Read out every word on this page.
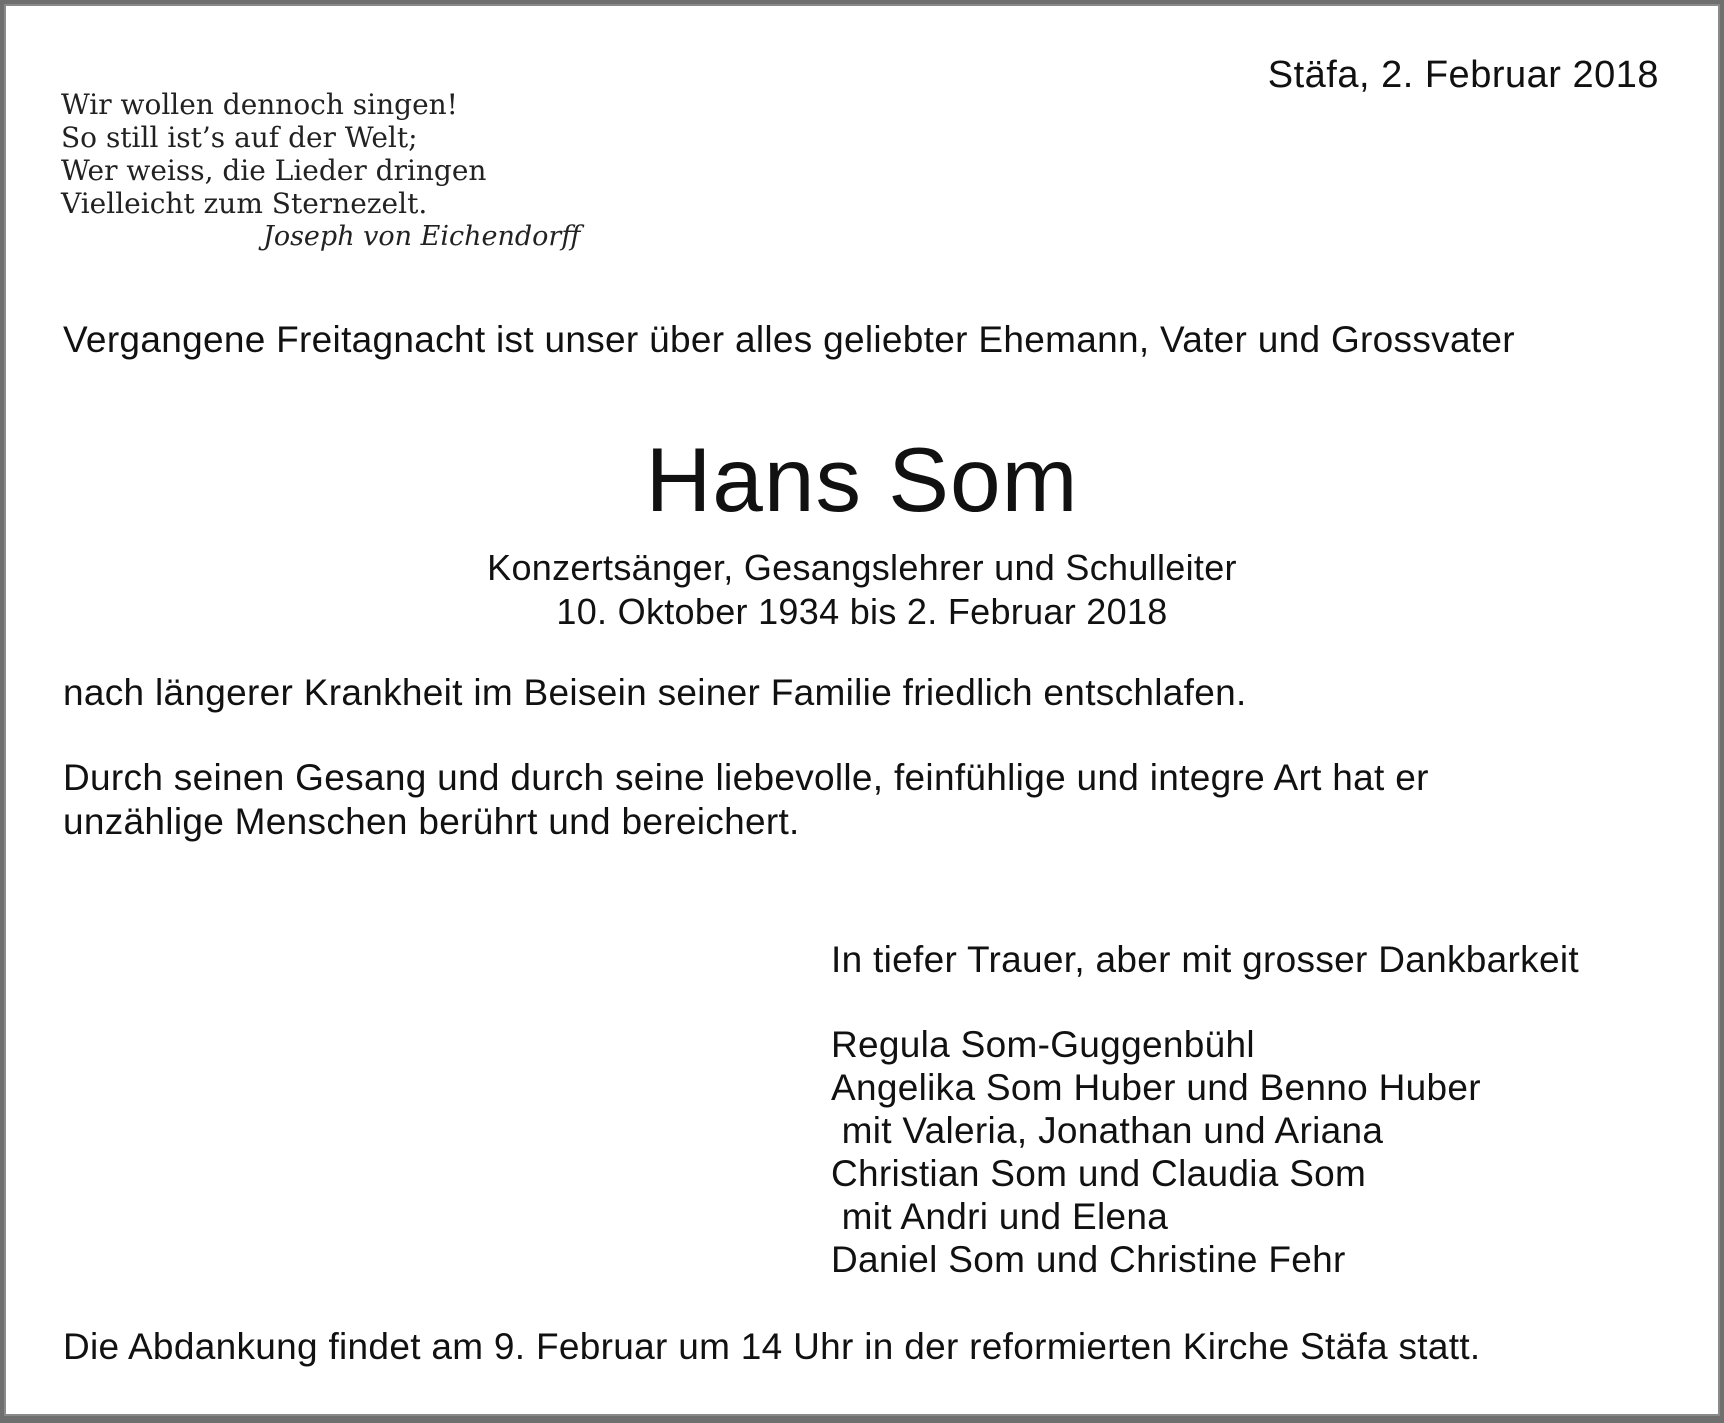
Stäfa, 2. Februar 2018
Wir wollen dennoch singen!
So still ist’s auf der Welt;
Wer weiss, die Lieder dringen
Vielleicht zum Sternezelt.
Joseph von Eichendorff
Vergangene Freitagnacht ist unser über alles geliebter Ehemann, Vater und Grossvater
Hans Som
Konzertsänger, Gesangslehrer und Schulleiter
10. Oktober 1934 bis 2. Februar 2018
nach längerer Krankheit im Beisein seiner Familie friedlich entschlafen.
Durch seinen Gesang und durch seine liebevolle, feinfühlige und integre Art hat er
unzählige Menschen berührt und bereichert.
In tiefer Trauer, aber mit grosser Dankbarkeit
Regula Som-Guggenbühl
Angelika Som Huber und Benno Huber
mit Valeria, Jonathan und Ariana
Christian Som und Claudia Som
mit Andri und Elena
Daniel Som und Christine Fehr
Die Abdankung findet am 9. Februar um 14 Uhr in der reformierten Kirche Stäfa statt.
